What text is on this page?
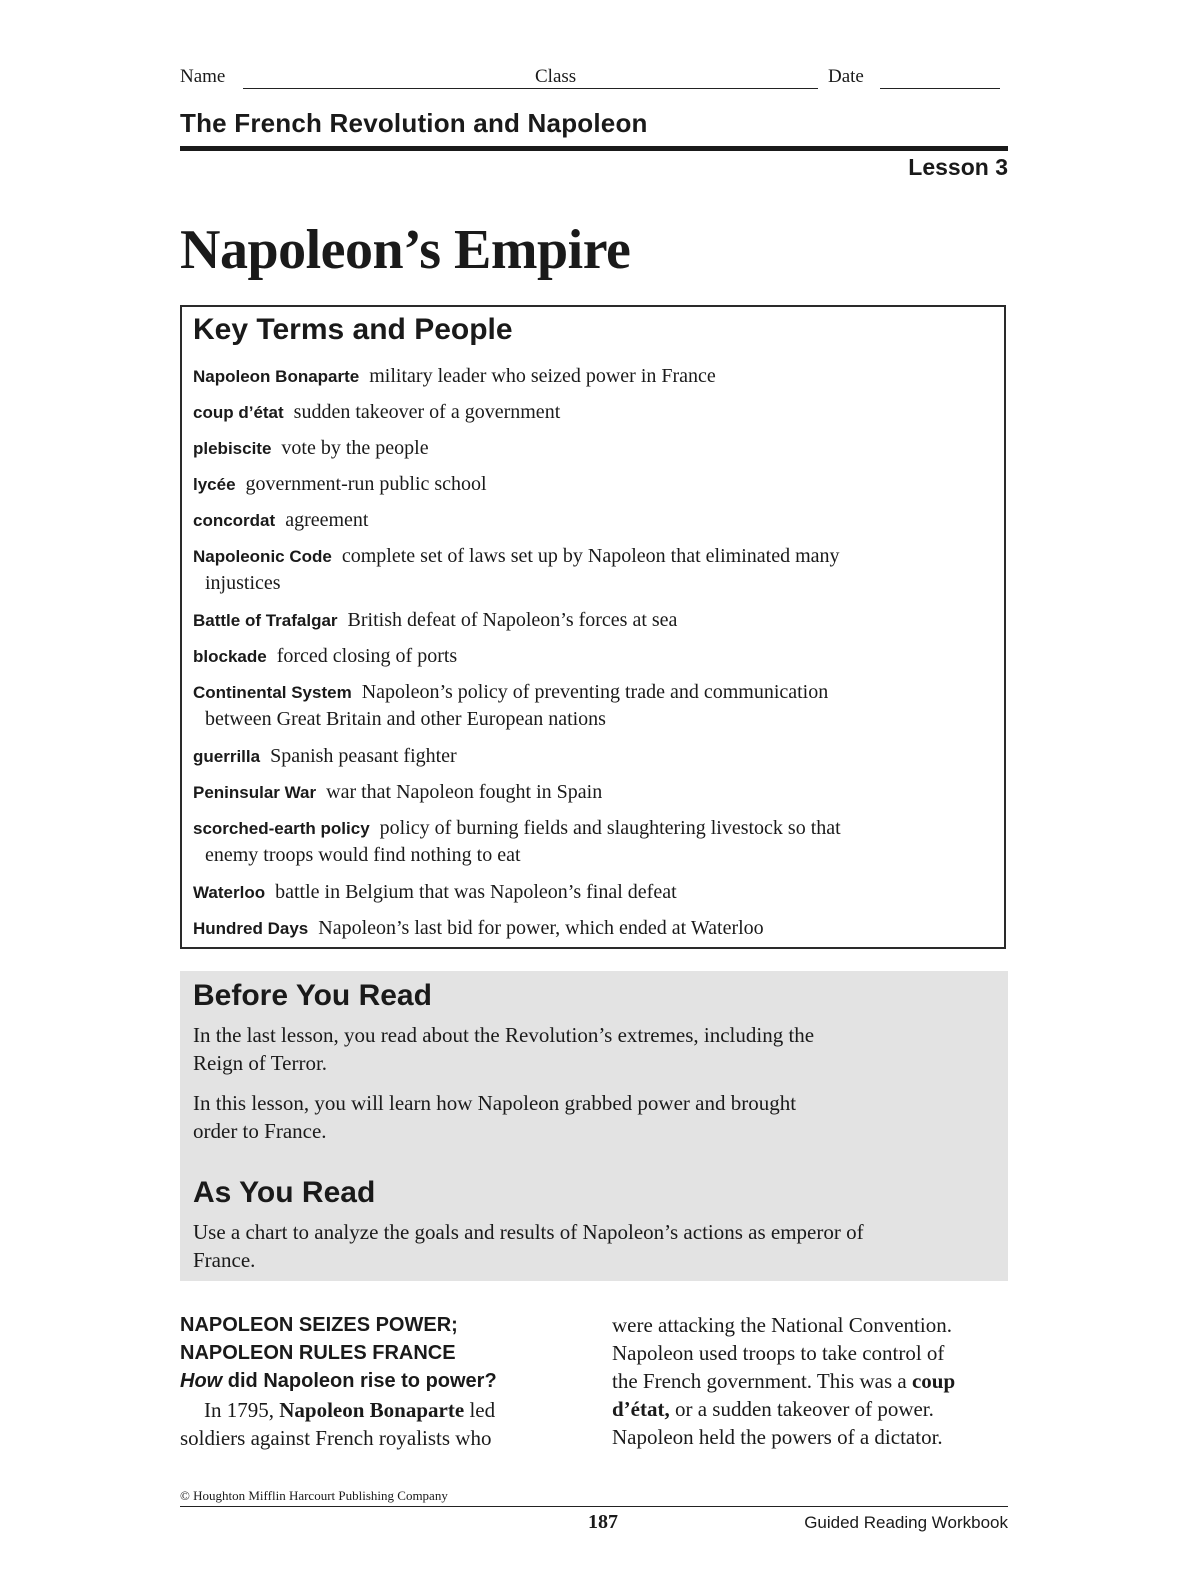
Name	Class	Date
The French Revolution and Napoleon
Lesson 3
Napoleon’s Empire
Key Terms and People
Napoleon Bonaparte military leader who seized power in France
coup d’état sudden takeover of a government
plebiscite vote by the people
lycée government-run public school
concordat agreement
Napoleonic Code complete set of laws set up by Napoleon that eliminated many
injustices
Battle of Trafalgar British defeat of Napoleon’s forces at sea
blockade forced closing of ports
Continental System Napoleon’s policy of preventing trade and communication
between Great Britain and other European nations
guerrilla Spanish peasant fighter
Peninsular War war that Napoleon fought in Spain
scorched-earth policy policy of burning fields and slaughtering livestock so that
enemy troops would find nothing to eat
Waterloo battle in Belgium that was Napoleon’s final defeat
Hundred Days Napoleon’s last bid for power, which ended at Waterloo
Before You Read
In the last lesson, you read about the Revolution’s extremes, including the Reign of Terror.
In this lesson, you will learn how Napoleon grabbed power and brought order to France.
As You Read
Use a chart to analyze the goals and results of Napoleon’s actions as emperor of France.
NAPOLEON SEIZES POWER;
NAPOLEON RULES FRANCE
How did Napoleon rise to power?
In 1795, Napoleon Bonaparte led
soldiers against French royalists who
were attacking the National Convention.
Napoleon used troops to take control of
the French government. This was a coup
d’état, or a sudden takeover of power.
Napoleon held the powers of a dictator.
© Houghton Mifflin Harcourt Publishing Company
187	Guided Reading Workbook
